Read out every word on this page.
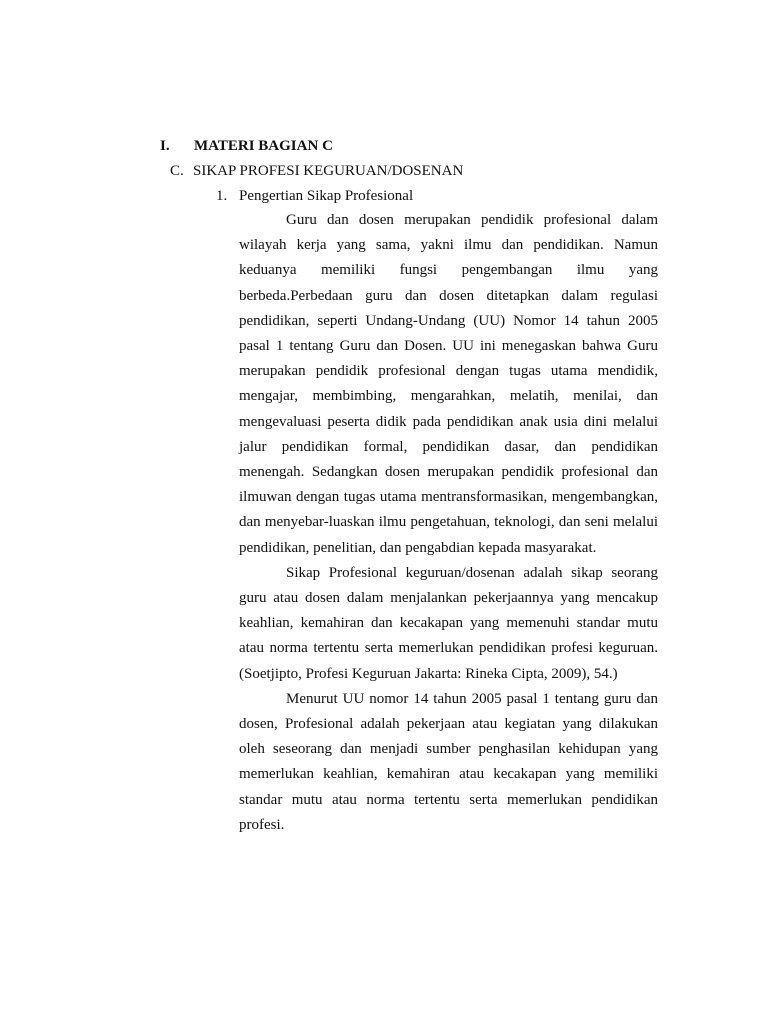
I. MATERI BAGIAN C
C. SIKAP PROFESI KEGURUAN/DOSENAN
1. Pengertian Sikap Profesional

Guru dan dosen merupakan pendidik profesional dalam wilayah kerja yang sama, yakni ilmu dan pendidikan. Namun keduanya memiliki fungsi pengembangan ilmu yang berbeda.Perbedaan guru dan dosen ditetapkan dalam regulasi pendidikan, seperti Undang-Undang (UU) Nomor 14 tahun 2005 pasal 1 tentang Guru dan Dosen. UU ini menegaskan bahwa Guru merupakan pendidik profesional dengan tugas utama mendidik, mengajar, membimbing, mengarahkan, melatih, menilai, dan mengevaluasi peserta didik pada pendidikan anak usia dini melalui jalur pendidikan formal, pendidikan dasar, dan pendidikan menengah. Sedangkan dosen merupakan pendidik profesional dan ilmuwan dengan tugas utama mentransformasikan, mengembangkan, dan menyebar-luaskan ilmu pengetahuan, teknologi, dan seni melalui pendidikan, penelitian, dan pengabdian kepada masyarakat.

Sikap Profesional keguruan/dosenan adalah sikap seorang guru atau dosen dalam menjalankan pekerjaannya yang mencakup keahlian, kemahiran dan kecakapan yang memenuhi standar mutu atau norma tertentu serta memerlukan pendidikan profesi keguruan. (Soetjipto, Profesi Keguruan Jakarta: Rineka Cipta, 2009), 54.)

Menurut UU nomor 14 tahun 2005 pasal 1 tentang guru dan dosen, Profesional adalah pekerjaan atau kegiatan yang dilakukan oleh seseorang dan menjadi sumber penghasilan kehidupan yang memerlukan keahlian, kemahiran atau kecakapan yang memiliki standar mutu atau norma tertentu serta memerlukan pendidikan profesi.
